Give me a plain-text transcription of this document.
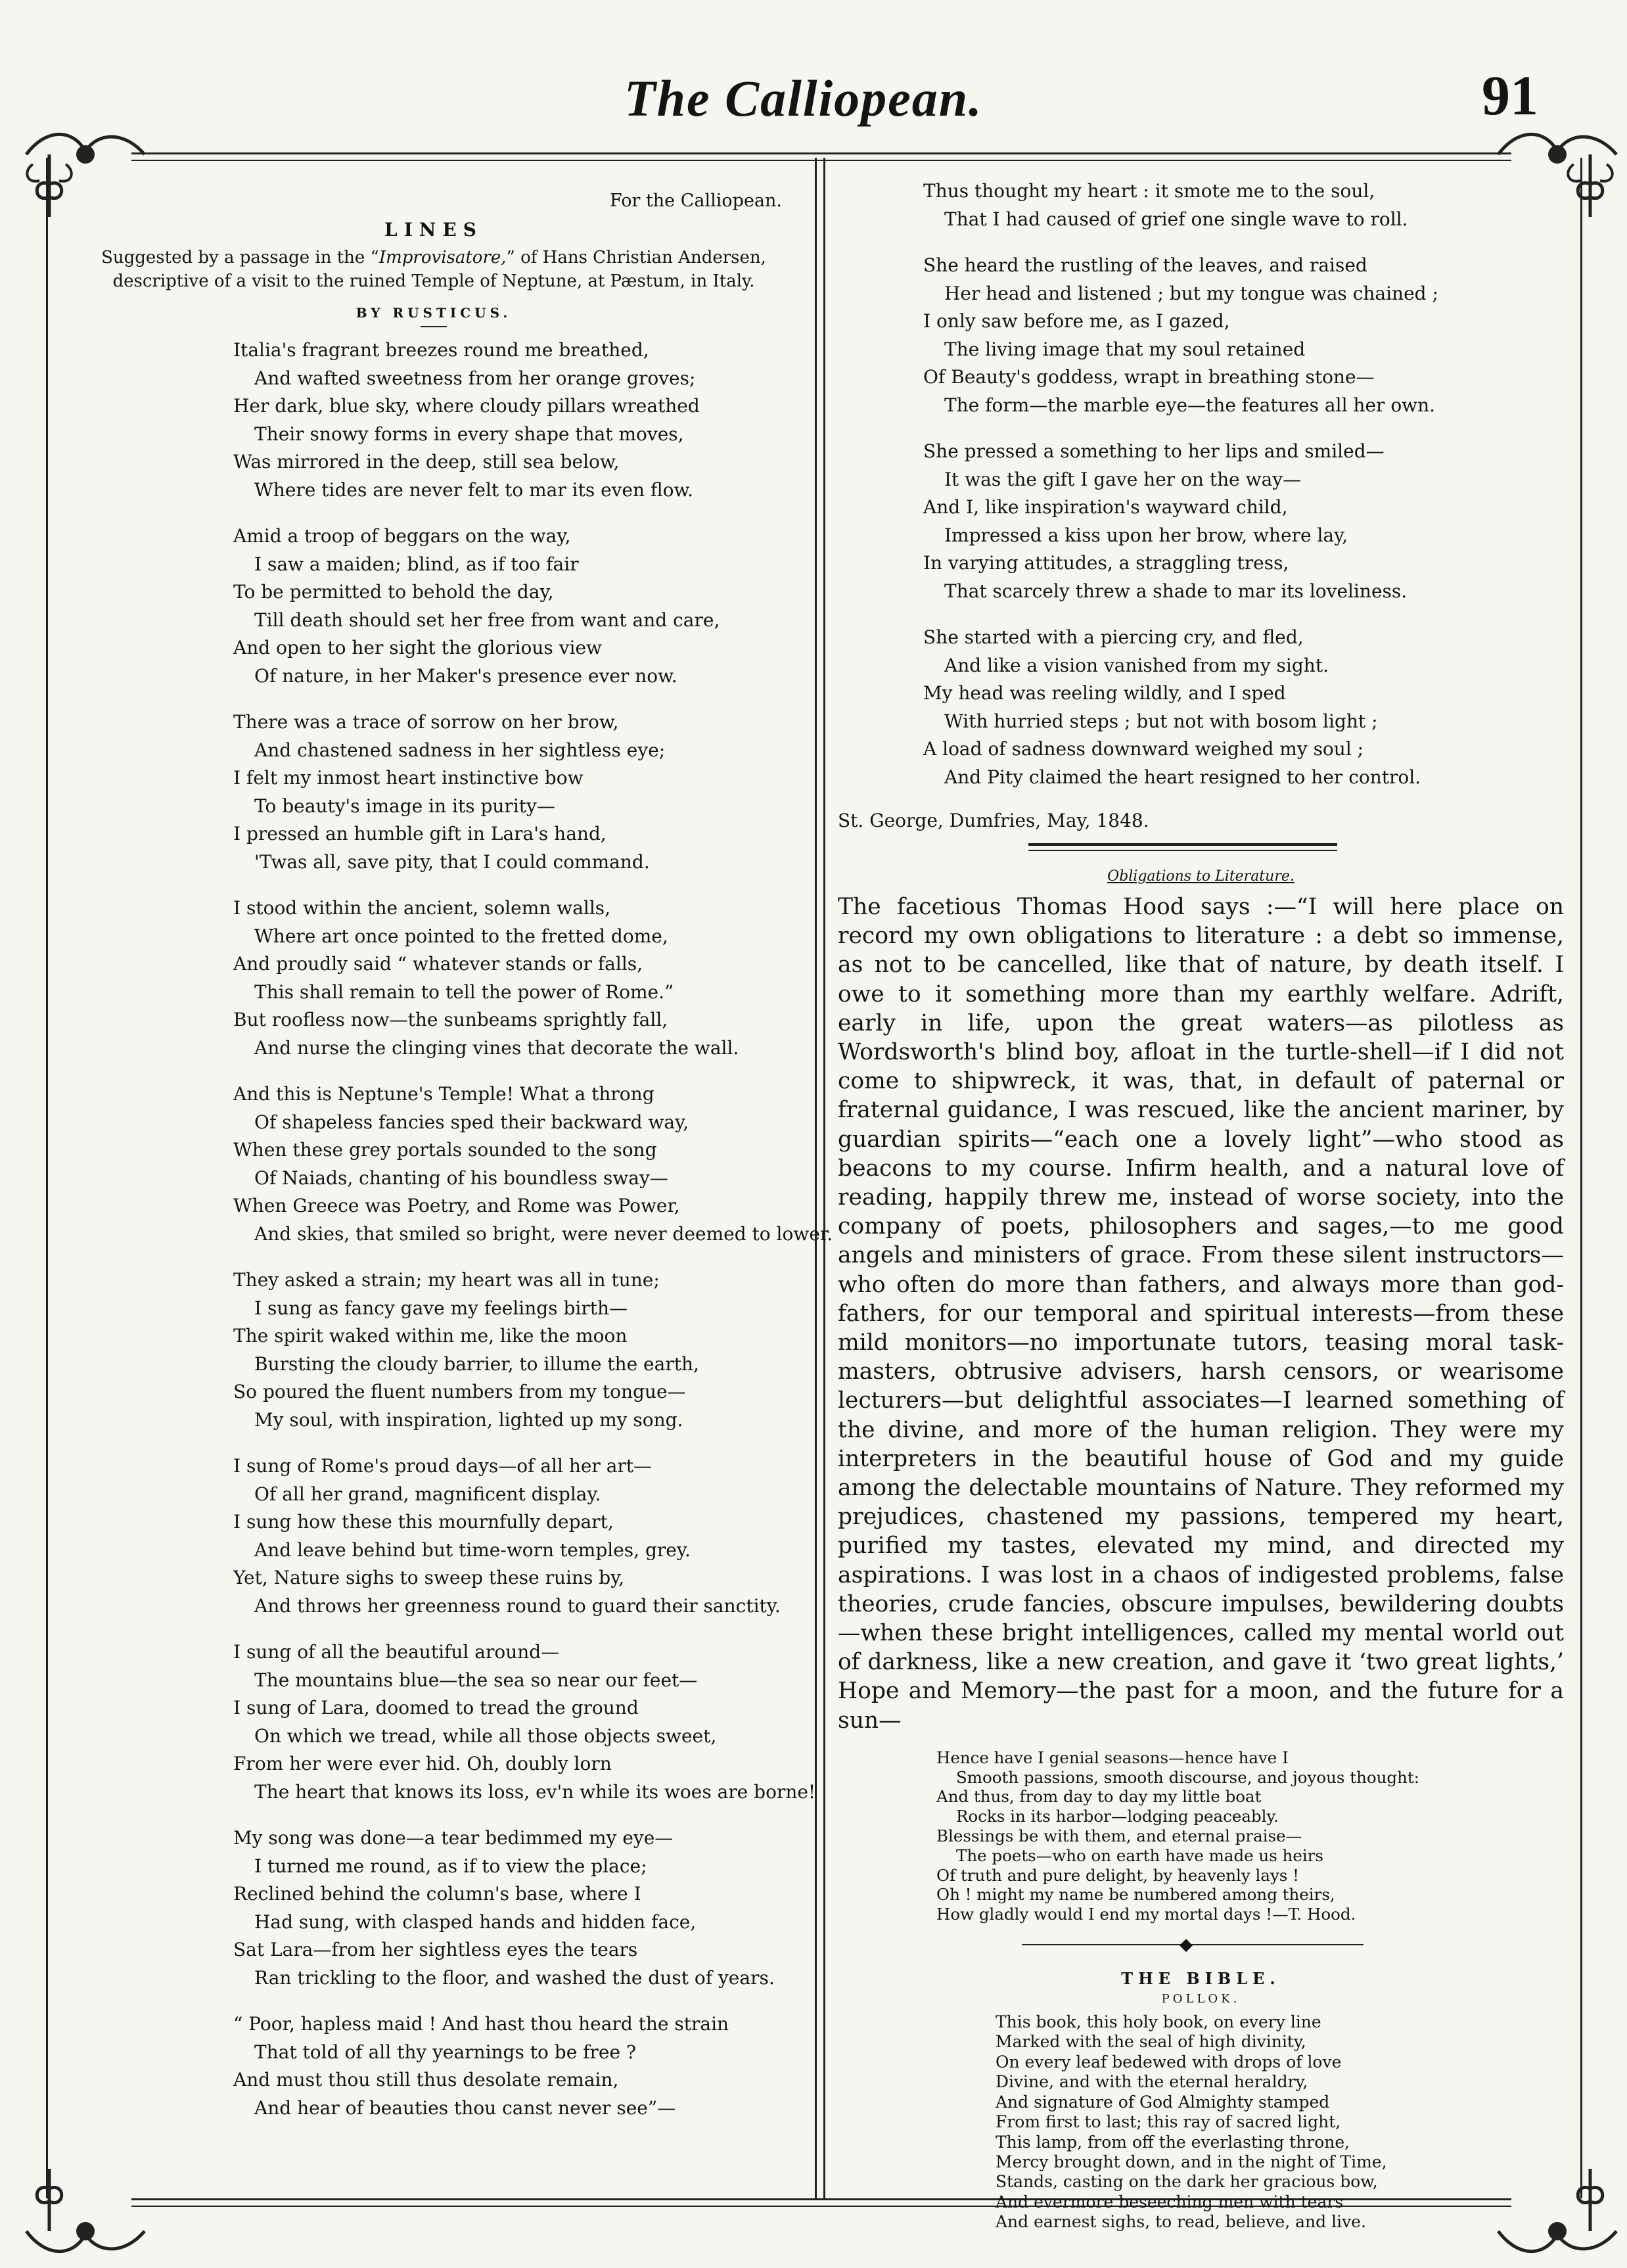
The Calliopean.	91
For the Calliopean.
LINES
Suggested by a passage in the “Improvisatore,” of Hans Christian Andersen, descriptive of a visit to the ruined Temple of Neptune, at Pæstum, in Italy.
BY RUSTICUS.
Italia's fragrant breezes round me breathed,
And wafted sweetness from her orange groves;
Her dark, blue sky, where cloudy pillars wreathed
Their snowy forms in every shape that moves,
Was mirrored in the deep, still sea below,
Where tides are never felt to mar its even flow.
Amid a troop of beggars on the way,
I saw a maiden; blind, as if too fair
To be permitted to behold the day,
Till death should set her free from want and care,
And open to her sight the glorious view
Of nature, in her Maker's presence ever now.
There was a trace of sorrow on her brow,
And chastened sadness in her sightless eye;
I felt my inmost heart instinctive bow
To beauty's image in its purity—
I pressed an humble gift in Lara's hand,
'Twas all, save pity, that I could command.
I stood within the ancient, solemn walls,
Where art once pointed to the fretted dome,
And proudly said “ whatever stands or falls,
This shall remain to tell the power of Rome.”
But roofless now—the sunbeams sprightly fall,
And nurse the clinging vines that decorate the wall.
And this is Neptune's Temple! What a throng
Of shapeless fancies sped their backward way,
When these grey portals sounded to the song
Of Naiads, chanting of his boundless sway—
When Greece was Poetry, and Rome was Power,
And skies, that smiled so bright, were never deemed to lower.
They asked a strain; my heart was all in tune;
I sung as fancy gave my feelings birth—
The spirit waked within me, like the moon
Bursting the cloudy barrier, to illume the earth,
So poured the fluent numbers from my tongue—
My soul, with inspiration, lighted up my song.
I sung of Rome's proud days—of all her art—
Of all her grand, magnificent display.
I sung how these this mournfully depart,
And leave behind but time-worn temples, grey.
Yet, Nature sighs to sweep these ruins by,
And throws her greenness round to guard their sanctity.
I sung of all the beautiful around—
The mountains blue—the sea so near our feet—
I sung of Lara, doomed to tread the ground
On which we tread, while all those objects sweet,
From her were ever hid. Oh, doubly lorn
The heart that knows its loss, ev'n while its woes are borne!
My song was done—a tear bedimmed my eye—
I turned me round, as if to view the place;
Reclined behind the column's base, where I
Had sung, with clasped hands and hidden face,
Sat Lara—from her sightless eyes the tears
Ran trickling to the floor, and washed the dust of years.
“ Poor, hapless maid ! And hast thou heard the strain
That told of all thy yearnings to be free ?
And must thou still thus desolate remain,
And hear of beauties thou canst never see”—
Thus thought my heart : it smote me to the soul,
That I had caused of grief one single wave to roll.
She heard the rustling of the leaves, and raised
Her head and listened ; but my tongue was chained ;
I only saw before me, as I gazed,
The living image that my soul retained
Of Beauty's goddess, wrapt in breathing stone—
The form—the marble eye—the features all her own.
She pressed a something to her lips and smiled—
It was the gift I gave her on the way—
And I, like inspiration's wayward child,
Impressed a kiss upon her brow, where lay,
In varying attitudes, a straggling tress,
That scarcely threw a shade to mar its loveliness.
She started with a piercing cry, and fled,
And like a vision vanished from my sight.
My head was reeling wildly, and I sped
With hurried steps ; but not with bosom light ;
A load of sadness downward weighed my soul ;
And Pity claimed the heart resigned to her control.
St. George, Dumfries, May, 1848.
Obligations to Literature.

The facetious Thomas Hood says :—“I will here place on record my own obligations to literature : a debt so immense, as not to be cancelled, like that of nature, by death itself. I owe to it something more than my earthly welfare. Adrift, early in life, upon the great waters—as pilotless as Wordsworth's blind boy, afloat in the turtle-shell—if I did not come to shipwreck, it was, that, in default of paternal or fraternal guidance, I was rescued, like the ancient mariner, by guardian spirits—“each one a lovely light”—who stood as beacons to my course. Infirm health, and a natural love of reading, happily threw me, instead of worse society, into the company of poets, philosophers and sages,—to me good angels and ministers of grace. From these silent instructors—who often do more than fathers, and always more than god-fathers, for our temporal and spiritual interests—from these mild monitors—no importunate tutors, teasing moral task-masters, obtrusive advisers, harsh censors, or wearisome lecturers—but delightful associates—I learned something of the divine, and more of the human religion. They were my interpreters in the beautiful house of God and my guide among the delectable mountains of Nature. They reformed my prejudices, chastened my passions, tempered my heart, purified my tastes, elevated my mind, and directed my aspirations. I was lost in a chaos of indigested problems, false theories, crude fancies, obscure impulses, bewildering doubts—when these bright intelligences, called my mental world out of darkness, like a new creation, and gave it ‘two great lights,’ Hope and Memory—the past for a moon, and the future for a sun—

Hence have I genial seasons—hence have I
Smooth passions, smooth discourse, and joyous thought:
And thus, from day to day my little boat
Rocks in its harbor—lodging peaceably.
Blessings be with them, and eternal praise—
The poets—who on earth have made us heirs
Of truth and pure delight, by heavenly lays !
Oh ! might my name be numbered among theirs,
How gladly would I end my mortal days !—T. Hood.
◆
THE BIBLE.
POLLOK.
This book, this holy book, on every line
Marked with the seal of high divinity,
On every leaf bedewed with drops of love
Divine, and with the eternal heraldry,
And signature of God Almighty stamped
From first to last; this ray of sacred light,
This lamp, from off the everlasting throne,
Mercy brought down, and in the night of Time,
Stands, casting on the dark her gracious bow,
And evermore beseeching men with tears
And earnest sighs, to read, believe, and live.
